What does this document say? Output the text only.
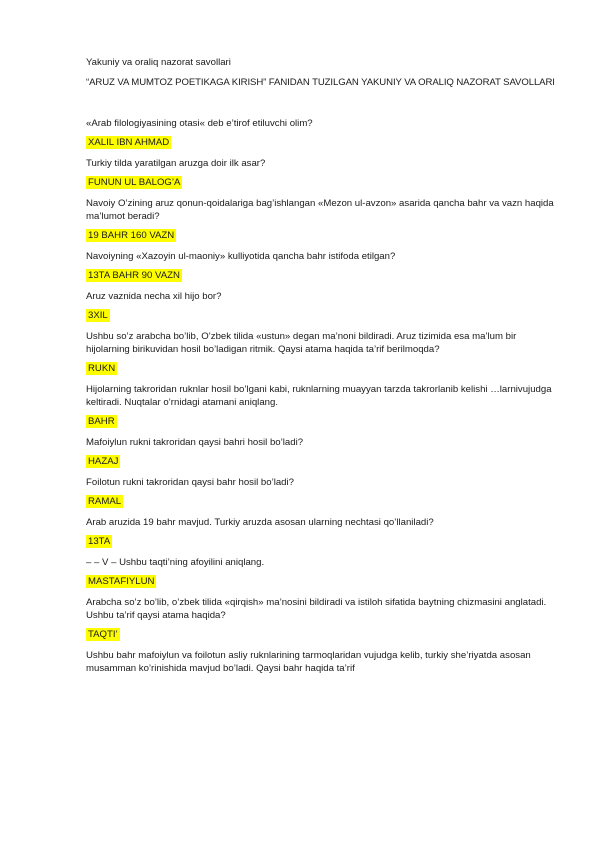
Yakuniy va oraliq nazorat savollari

“ARUZ VA MUMTOZ POETIKAGA KIRISH” FANIDAN TUZILGAN YAKUNIY VA ORALIQ NAZORAT SAVOLLARI

«Arab filologiyasining otasi« deb e’tirof etiluvchi olim?

XALIL IBN AHMAD

Turkiy tilda yaratilgan aruzga doir ilk asar?

FUNUN UL BALOG’A

Navoiy O’zining aruz qonun-qoidalariga bag’ishlangan «Mezon ul-avzon» asarida qancha bahr va vazn haqida ma’lumot beradi?

19 BAHR 160 VAZN

Navoiyning «Xazoyin ul-maoniy» kulliyotida qancha bahr istifoda etilgan?

13TA BAHR 90 VAZN

Aruz vaznida necha xil hijo bor?

3XIL

Ushbu so’z arabcha bo’lib, O’zbek tilida «ustun» degan ma’noni bildiradi. Aruz tizimida esa ma’lum bir hijolarning birikuvidan hosil bo’ladigan ritmik. Qaysi atama haqida ta’rif berilmoqda?

RUKN

Hijolarning takroridan ruknlar hosil bo’lgani kabi, ruknlarning muayyan tarzda takrorlanib kelishi …larnivujudga keltiradi. Nuqtalar o’rnidagi atamani aniqlang.

BAHR

Mafoiylun rukni takroridan qaysi bahri hosil bo’ladi?

HAZAJ

Foilotun rukni takroridan qaysi bahr hosil bo’ladi?

RAMAL

Arab aruzida 19 bahr mavjud. Turkiy aruzda asosan ularning nechtasi qo’llaniladi?

13TA

– – V – Ushbu taqti’ning afoyilini aniqlang.

MASTAFIYLUN

Arabcha so’z bo’lib, o’zbek tilida «qirqish» ma’nosini bildiradi va istiloh sifatida baytning chizmasini anglatadi. Ushbu ta’rif qaysi atama haqida?

TAQTI’

Ushbu bahr mafoiylun va foilotun asliy ruknlarining tarmoqlaridan vujudga kelib, turkiy she’riyatda asosan musamman ko’rinishida mavjud bo’ladi. Qaysi bahr haqida ta’rif
